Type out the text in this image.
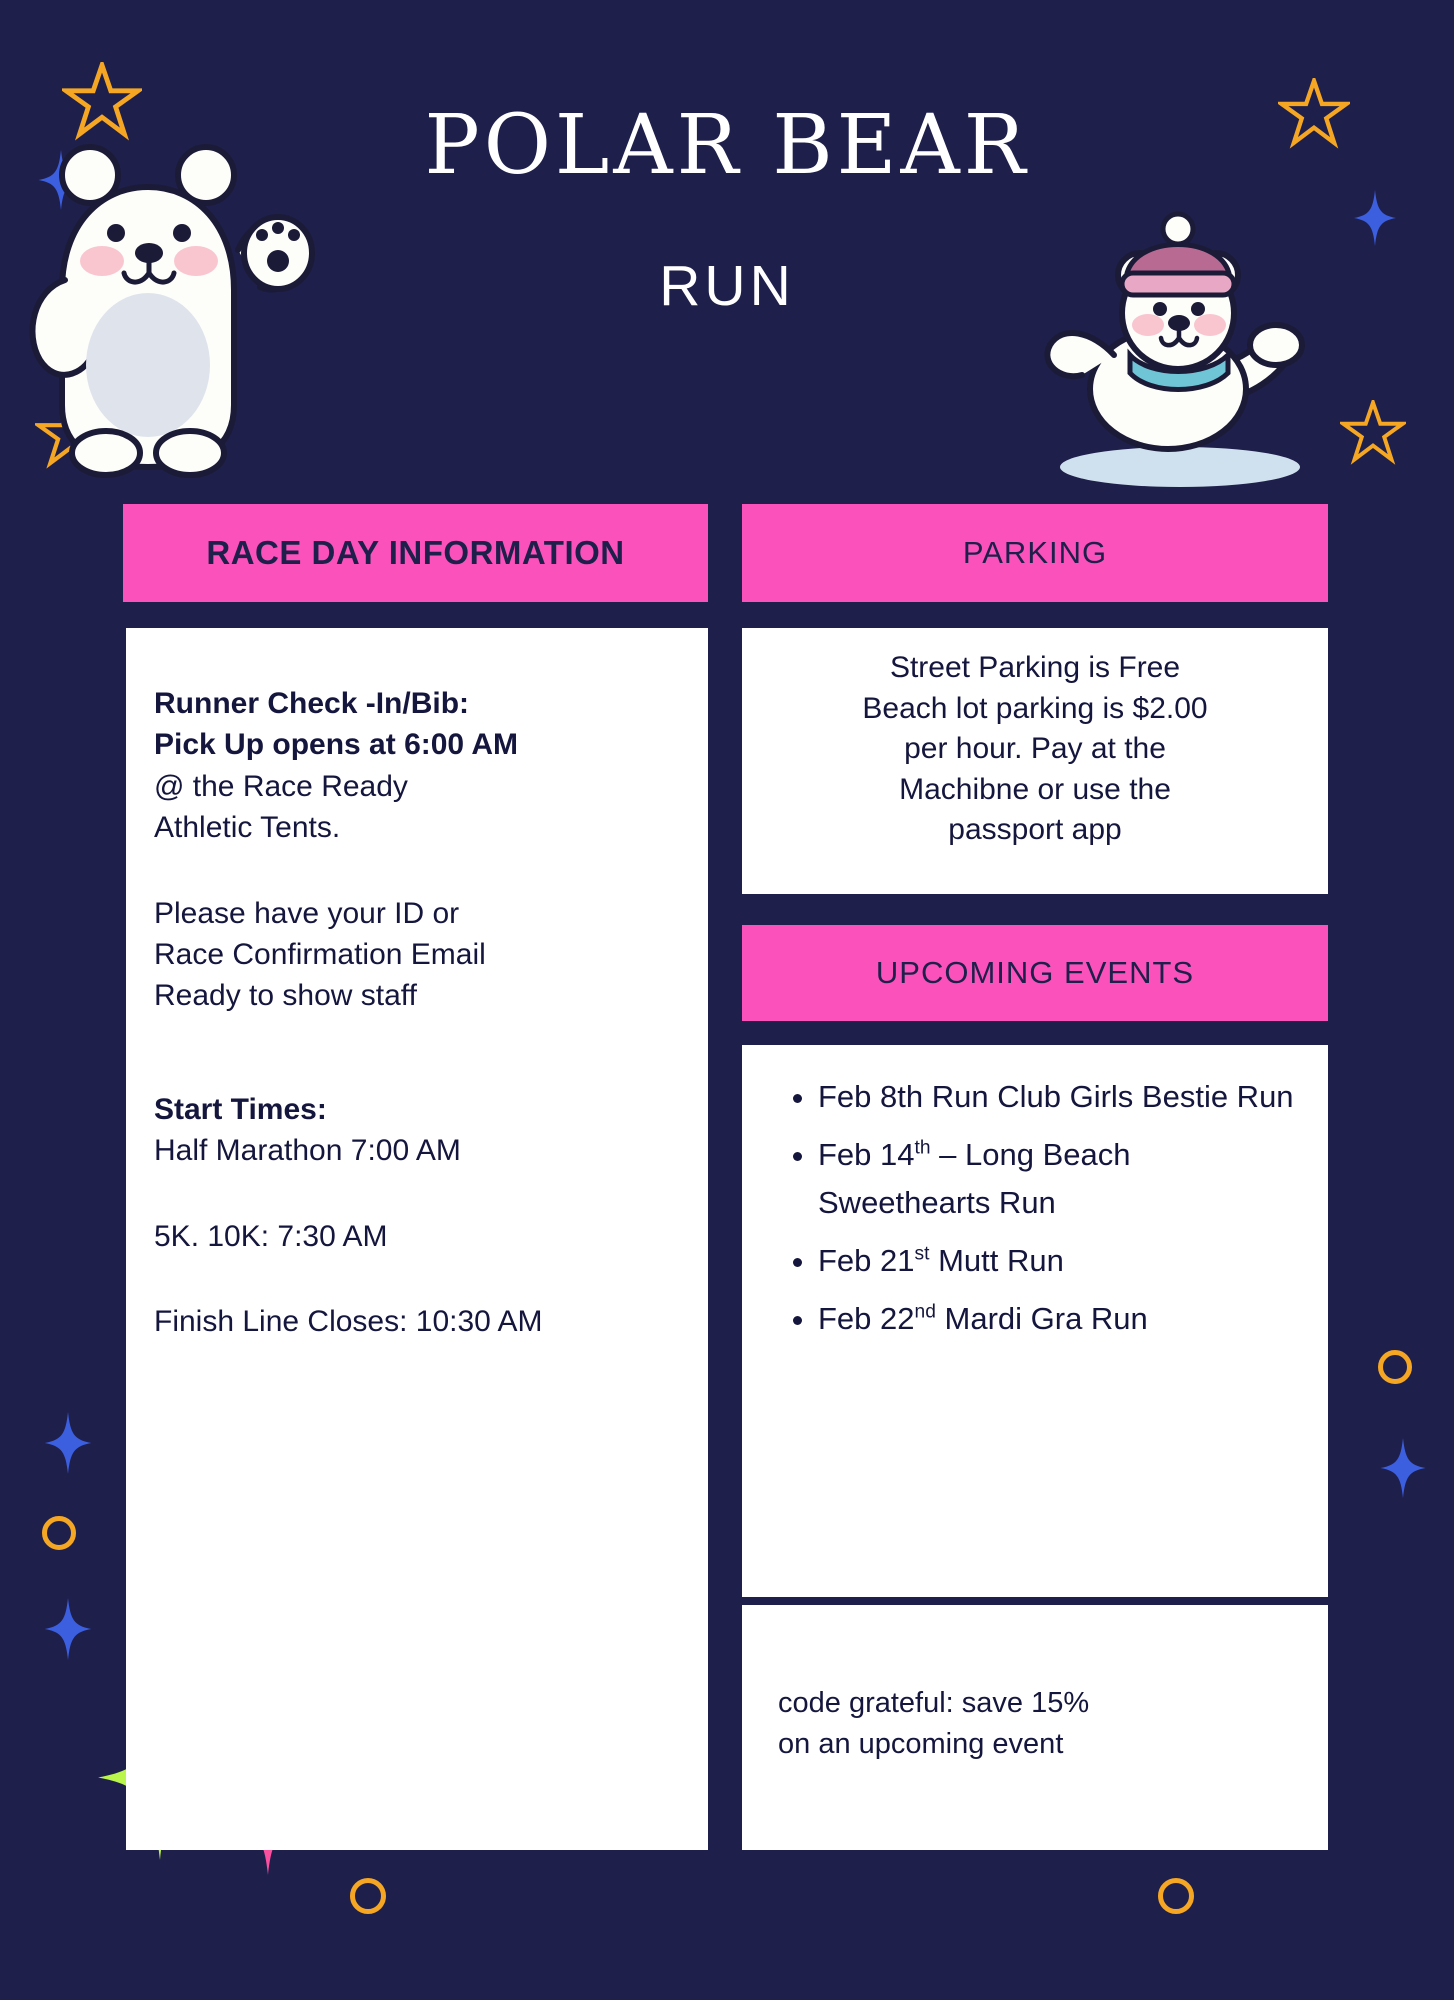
POLAR BEAR
RUN
RACE DAY INFORMATION
Runner Check -In/Bib:
Pick Up opens at 6:00 AM
@ the Race Ready
Athletic Tents.
Please have your ID or
Race Confirmation Email
Ready to show staff
Start Times:
Half Marathon 7:00 AM
5K. 10K: 7:30 AM
Finish Line Closes: 10:30 AM
PARKING
Street Parking is Free
Beach lot parking is $2.00
per hour. Pay at the
Machibne or use the
passport app
UPCOMING EVENTS
• Feb 8th Run Club Girls Bestie Run
• Feb 14th – Long Beach Sweethearts Run
• Feb 21st Mutt Run
• Feb 22nd Mardi Gra Run
code grateful: save 15%
on an upcoming event
